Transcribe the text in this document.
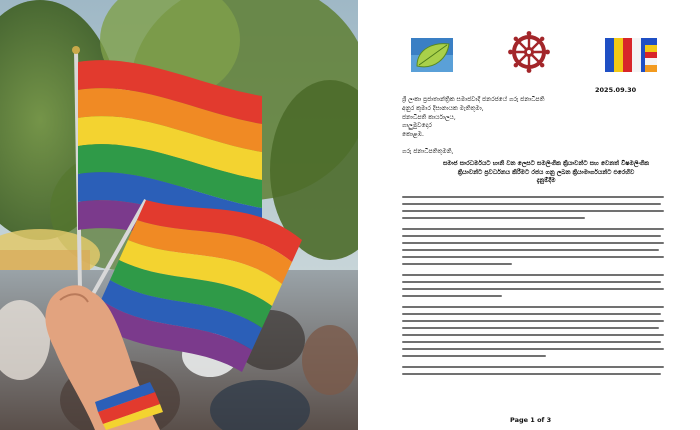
2025.09.30
ශ්‍රී ලංකා ප්‍රජාතාන්ත්‍රික සමාජවාදී ජනරජයේ ගරු ජනාධිපති
අනුර කුමාර දිසානායක මැතිතුමා,
ජනාධිපති කාර්යාලය,
ගාලුමුවදොර
කොළඹ.
ගරු ජනාධිපතිතුමනි,
සමාජ සාරධර්මයට හානි වන ලෙසට සමලිංගික ක්‍රියාවන්ට සහ වෙනත් විෂමලිංගික
ක්‍රියාවන්ට ප්‍රවර්ධනය කිරීමට රජය ගනු ලබන ක්‍රියාමාර්ගයන්ට එරෙහිව
දැනුම්දීම
Page 1 of 3
